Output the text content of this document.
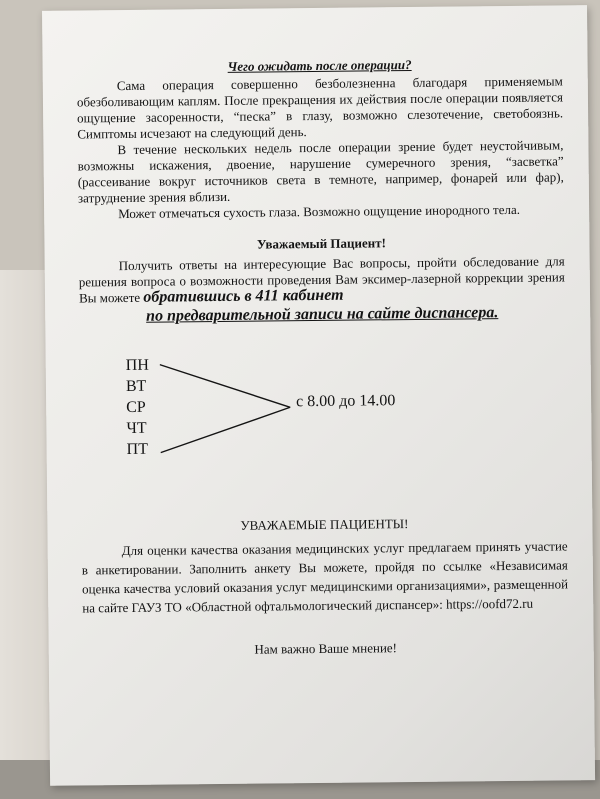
Чего ожидать после операции?

Сама операция совершенно безболезненна благодаря применяемым обезболивающим каплям. После прекращения их действия после операции появляется ощущение засоренности, “песка” в глазу, возможно слезотечение, светобоязнь. Симптомы исчезают на следующий день.

В течение нескольких недель после операции зрение будет неустойчивым, возможны искажения, двоение, нарушение сумеречного зрения, “засветка” (рассеивание вокруг источников света в темноте, например, фонарей или фар), затруднение зрения вблизи.

Может отмечаться сухость глаза. Возможно ощущение инородного тела.

Уважаемый Пациент!

Получить ответы на интересующие Вас вопросы, пройти обследование для решения вопроса о возможности проведения Вам эксимер-лазерной коррекции зрения Вы можете обратившись в 411 кабинет

по предварительной записи на сайте диспансера.
ПН
ВТ
СР
ЧТ
ПТ
с 8.00 до 14.00
УВАЖАЕМЫЕ ПАЦИЕНТЫ!

Для оценки качества оказания медицинских услуг предлагаем принять участие в анкетировании. Заполнить анкету Вы можете, пройдя по ссылке «Независимая оценка качества условий оказания услуг медицинскими организациями», размещенной на сайте ГАУЗ ТО «Областной офтальмологический диспансер»: https://oofd72.ru

Нам важно Ваше мнение!
